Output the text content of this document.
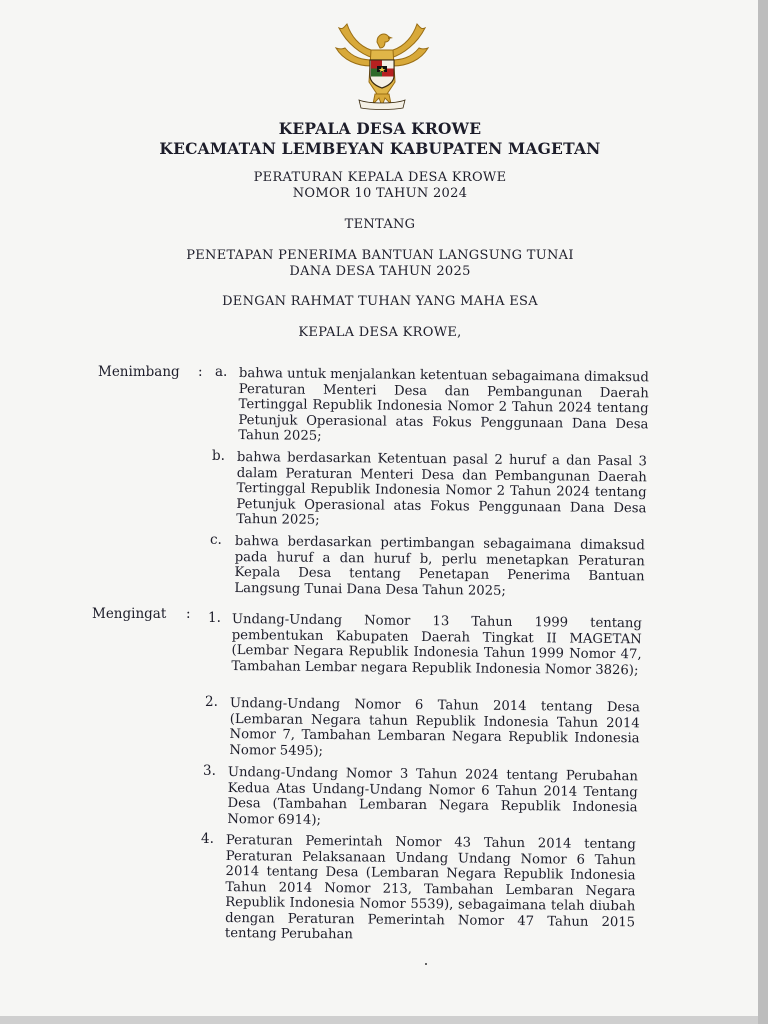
KEPALA DESA KROWE
KECAMATAN LEMBEYAN KABUPATEN MAGETAN
PERATURAN KEPALA DESA KROWE
NOMOR 10 TAHUN 2024
TENTANG
PENETAPAN PENERIMA BANTUAN LANGSUNG TUNAI
DANA DESA TAHUN 2025
DENGAN RAHMAT TUHAN YANG MAHA ESA
KEPALA DESA KROWE,
Menimbang : a. bahwa untuk menjalankan ketentuan sebagaimana dimaksud Peraturan Menteri Desa dan Pembangunan Daerah Tertinggal Republik Indonesia Nomor 2 Tahun 2024 tentang Petunjuk Operasional atas Fokus Penggunaan Dana Desa Tahun 2025;
b. bahwa berdasarkan Ketentuan pasal 2 huruf a dan Pasal 3 dalam Peraturan Menteri Desa dan Pembangunan Daerah Tertinggal Republik Indonesia Nomor 2 Tahun 2024 tentang Petunjuk Operasional atas Fokus Penggunaan Dana Desa Tahun 2025;
c. bahwa berdasarkan pertimbangan sebagaimana dimaksud pada huruf a dan huruf b, perlu menetapkan Peraturan Kepala Desa tentang Penetapan Penerima Bantuan Langsung Tunai Dana Desa Tahun 2025;
Mengingat : 1. Undang-Undang Nomor 13 Tahun 1999 tentang pembentukan Kabupaten Daerah Tingkat II MAGETAN (Lembar Negara Republik Indonesia Tahun 1999 Nomor 47, Tambahan Lembar negara Republik Indonesia Nomor 3826);
2. Undang-Undang Nomor 6 Tahun 2014 tentang Desa (Lembaran Negara tahun Republik Indonesia Tahun 2014 Nomor 7, Tambahan Lembaran Negara Republik Indonesia Nomor 5495);
3. Undang-Undang Nomor 3 Tahun 2024 tentang Perubahan Kedua Atas Undang-Undang Nomor 6 Tahun 2014 Tentang Desa (Tambahan Lembaran Negara Republik Indonesia Nomor 6914);
4. Peraturan Pemerintah Nomor 43 Tahun 2014 tentang Peraturan Pelaksanaan Undang Undang Nomor 6 Tahun 2014 tentang Desa (Lembaran Negara Republik Indonesia Tahun 2014 Nomor 213, Tambahan Lembaran Negara Republik Indonesia Nomor 5539), sebagaimana telah diubah dengan Peraturan Pemerintah Nomor 47 Tahun 2015 tentang Perubahan
